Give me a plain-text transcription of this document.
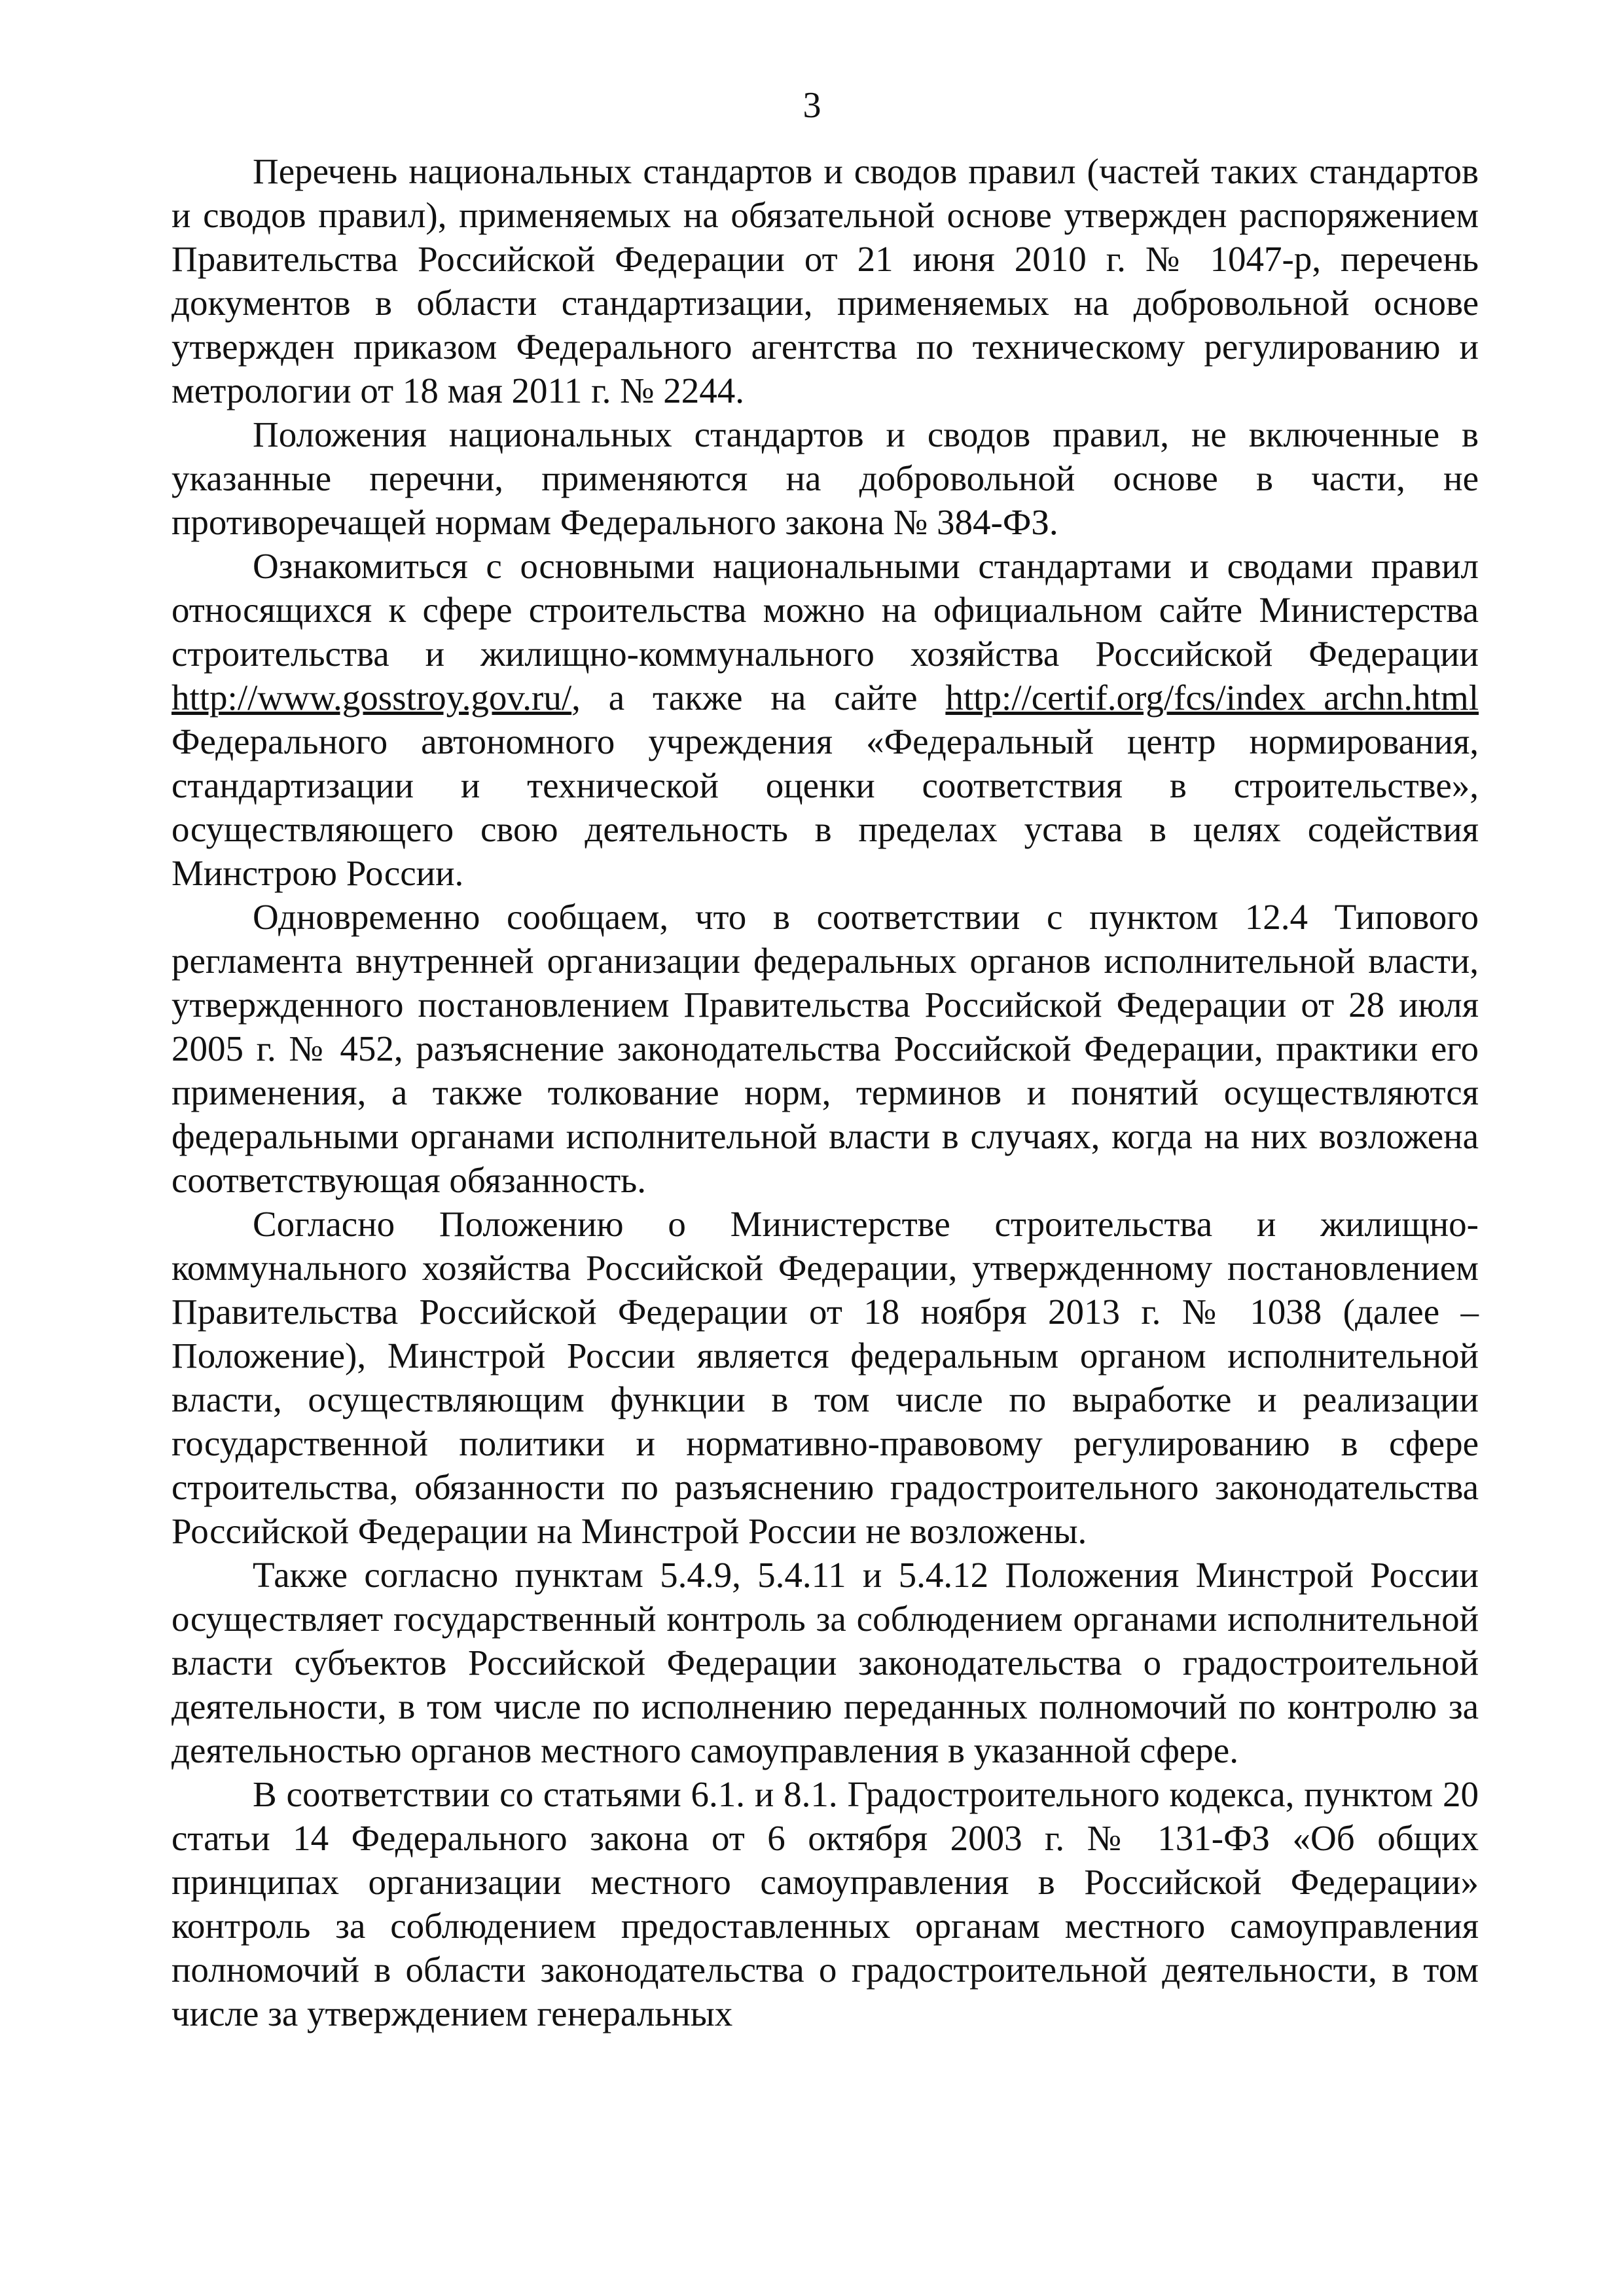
3

Перечень национальных стандартов и сводов правил (частей таких стандартов и сводов правил), применяемых на обязательной основе утвержден распоряжением Правительства Российской Федерации от 21 июня 2010 г. № 1047-р, перечень документов в области стандартизации, применяемых на добровольной основе утвержден приказом Федерального агентства по техническому регулированию и метрологии от 18 мая 2011 г. № 2244.

Положения национальных стандартов и сводов правил, не включенные в указанные перечни, применяются на добровольной основе в части, не противоречащей нормам Федерального закона № 384-ФЗ.

Ознакомиться с основными национальными стандартами и сводами правил относящихся к сфере строительства можно на официальном сайте Министерства строительства и жилищно-коммунального хозяйства Российской Федерации http://www.gosstroy.gov.ru/, а также на сайте http://certif.org/fcs/index_archn.html Федерального автономного учреждения «Федеральный центр нормирования, стандартизации и технической оценки соответствия в строительстве», осуществляющего свою деятельность в пределах устава в целях содействия Минстрою России.

Одновременно сообщаем, что в соответствии с пунктом 12.4 Типового регламента внутренней организации федеральных органов исполнительной власти, утвержденного постановлением Правительства Российской Федерации от 28 июля 2005 г. № 452, разъяснение законодательства Российской Федерации, практики его применения, а также толкование норм, терминов и понятий осуществляются федеральными органами исполнительной власти в случаях, когда на них возложена соответствующая обязанность.

Согласно Положению о Министерстве строительства и жилищно-коммунального хозяйства Российской Федерации, утвержденному постановлением Правительства Российской Федерации от 18 ноября 2013 г. № 1038 (далее – Положение), Минстрой России является федеральным органом исполнительной власти, осуществляющим функции в том числе по выработке и реализации государственной политики и нормативно-правовому регулированию в сфере строительства, обязанности по разъяснению градостроительного законодательства Российской Федерации на Минстрой России не возложены.

Также согласно пунктам 5.4.9, 5.4.11 и 5.4.12 Положения Минстрой России осуществляет государственный контроль за соблюдением органами исполнительной власти субъектов Российской Федерации законодательства о градостроительной деятельности, в том числе по исполнению переданных полномочий по контролю за деятельностью органов местного самоуправления в указанной сфере.

В соответствии со статьями 6.1. и 8.1. Градостроительного кодекса, пунктом 20 статьи 14 Федерального закона от 6 октября 2003 г. № 131-ФЗ «Об общих принципах организации местного самоуправления в Российской Федерации» контроль за соблюдением предоставленных органам местного самоуправления полномочий в области законодательства о градостроительной деятельности, в том числе за утверждением генеральных
